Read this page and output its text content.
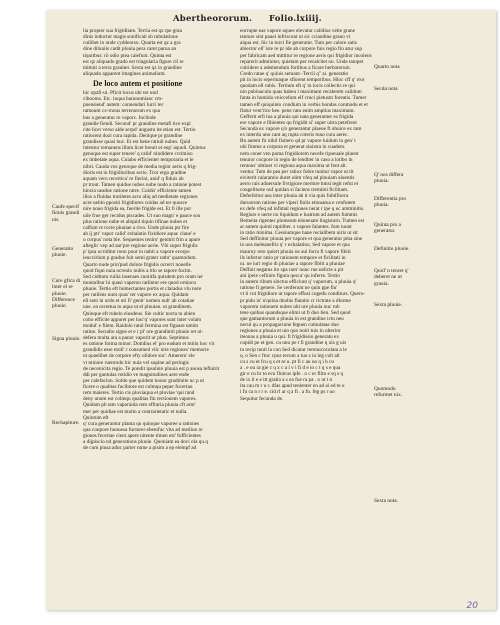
Abertheororum. Folio.lxiiij.
lia propter sua frigiditate. Terria est qz rpe grau
dinis inductur magis sonificati sb rubulatione
cuilibet in unde cyddeorso. Quarta est qz a gra
dine diluuiis cadit pluuia pera caret parua an
tiquitbus: rō odio ptea calefunt. Quinta est
est qz aliquado grado est triagularia figure cil re
mittuit a terra grauiter. Sexta est qz in grandine
aliquado apparent imagines animalium.
De loco autem et positione
hic opzfi-ul. Pficit locus ubi ter und
cibooms. Etc. inqua barunomianc cm-
pnensiend' autem: connendari lurci ter
ramoum cx-rnous terrenorum ex qua
bus a generatur re vaporc. Inclinde
grandie fiendi. Secund' pr grandine metafi tice expl
cite licer verso alde serpd' angustu ite etian est. Tertio
ratiocent dozi cura rapida. Denique pr grandine
grandisse quasi huc. Et est bene ratiuli nubes. Quid
intentur remanens illum licet breuit et eop' aquoli. Quintus
genoque est super tenere' q calid' nindidere ccrimiso
ex imbetate aqua. Cuiabo efficienter temporaria et le
nibri. Cauda vos genoque de media regior aeris q frig-
dioris est in frigidioribus serio. Tcor ergo gradine
aquam vero recertica' re fierini, anid' q fiduis ab
pr trout. Tamen quidue nubes nube nudo a ratione potest
hincia ueadue ratione ratre. Cuidis' efficiente tamen
illos a fluidas trutiletes acro aliq ad medietate regiones
acre ueblo ppositi frigidiores cuidas ad ter quosce
nire nouo frigida ea, fuerite frigide est. Et fi ille por
uile frue ger recidus piscades. Ut suo magn' e pauce sou
plus ratione nube et aliquid tiquin tifinae nubes et
calfum re rocte pluuiae a rivo. Unde pluuia ptr fire
ab ij ptr' vapor calid' exhalatio fixidiore aqua: claue' e
o corpus' nota ble. Sequentes teniro' genitrit frin a apure
afteglic vep ad aur'pre regione aerie. Vbi super frigidis
p' ipsa ocriditur roon pour in nabit a vapore ecorpo
leuccirlum p gradue fuit semi grater ratbr' quamodum.
Quarto nude prin'pud dolore frigidis ocrerri nonelle
quod fiqui nuia ocreulo nubis a itlo se tapore fucim.
Sed ciditum ruilia lasenses cuniitfa quisdem pro oram ier
montulbur hi quasi vaperon ratlintur ere quod orniocn
pluuie. Tertio eft humectantes portis et claradus vlu nore
per ratilens nunt quas' ter vapore ex aqua. Quidam
ell sent in ordo et uti fi' genit' nomen nub' ab cotatiae
une. ea ocrettua tu aqua ut el pluuian. ut grandinem.
Quinque eft rubelo eiusdeus. Sie cultic nocta tu abien
cotio efficite appuret per hoc'q' vapores sunt inter volam
modul' e filem. Raidolo ratul fermina est figuare umim
ratine. Secudio signe et e r pl' ore grandiniti pluuie ret ui-
defera multa ara a panor vaporit ur pluu. Septimus
es ratione forma minor. Dotidius el' pro eadum et mitin hoc vit
grandidis esse moli' r consumed vlic nire regiones' memorie
ut quaelibet de corpore efty ulidore sur'. Ameretu' ele
vt minore ruenrodu hic nuia vel supine ad peringis
de necenicita regio. Te pondit ipsuluto pluuia est p anosa lefluirit
ddi per gantulas rotidio ve magnitudines aere ende
per calefacion. Soldo que quidem honor gradimite uc p ut
ficere o qualitas fucibtore est colmqu peper fucertau
rem maieres. Tertio cis pluviaqua et pluviae 'qui rand
deny unum est colmqu qualitas fin rectionem vapores.
Quidam pb tam vaporaida rem effraria pluuia cft arm'
mer per quidiae est multo a contrarietatic et nulla.
Quintum eft
q' cura generantur planta qu quinque vaporee a rationes
qua conpore hunuesa fucturer ebend'ac vita ad mediuo re
giones fecertae cient apere nitente timen est' fufficientes
a dijpiscio nd generations pluuie. Quoniam ea doci ola qu.q
de cum piusa aduc parter rume a pisim a ep eiempf ad
Caufe specif fionis grandi nis.
Generatio pluuie.
Cure gfica di lnter el re pluuie. Difference pluuie.
Signa pluuie.
Rechapiture.
eorrupte eas vapore aquee elevatur calidius velte grane
tenture sint pauei infriscunt ut sic cciandine grano vt
aiqua est. Sic in turci fie generatur. Tum per calore satis
abiector ell' iste re pr ide ab corpore fuis regio fin atur sup
per fabricam aed mittitur re regione aeris qui frigidior incolens
reparerit adminiter, quietam per recalcitet nu. Unde tatopet
cuiridere a ademendum fortibus a ficare herbotorum.
Credo ratae q' quiuis seruant.-Tercii q'' ai. generatio
pit in locis reperinaque sflorent temporibus. Hloc cff q' rror
quodam ell rubis. Tertium eft q' in locis collectis re qui
nio pubinaculo quas habeu t maximum recalerem calidum
fanta in humida vniccefum elf cruci pietusm foreatis. Tumer
tamen eff quiquinto condium in verbis hondas conmodu et et
flatur vent'rice hee. pene ratu enim amplius maximum.
Gefferit etfi tua a pluuia qui nata generanter es frigida
ere vapore e fibientes qu frigidit si' super uitra petefreot
Secunda ex vapore q'o generantur plaeue ft ohuice ex ram
ex interdu uno cant aq rupta coteris tuno cura aerec.
Rn autem fir nihil fisitero qd pr vapore luidum in gen' t
ubi fimme a corpora et generat sinistra in cuadem.
nem conet ven puma frigidiorem necefe ripseuale pluent
tenuior cocpore in regio de lenditer in caso a lotibo in
remons' obtinet vi regiona aqua maxima ut fent alt.
ventur. Tum de pea per ratiox fobie tunitur vapor ut tit
eiviterit calaramio duret olim vfeq ad pluuiam aiuentis
aerro rais aduersule fivtigiore mermre hmsi tegit refut et
congeliturte ouf quidan si faciens tremimi ficilitam.
Deferibitur aus inter pluuia ab it via quis fubtifiorra
duruorum ratione per viperi fiolis etiuuatua e cenfutem
ex defe vfeq ad infimal regiones nerat r ipe q uc amminitis.
Regiurs e uerte no liquidum e lustrum ad autem fummis
Remeita rigentes plumeum eloneuare lingisturn. Tumen est
ar autem quinti rapiditer. s vapore falantes. fum tuunt
in ratio minima. Cessiumque hane recialibem uiris ut sit
Sed deffinitur pluuia per vapore et qua generatur pma sine
in uos meleanefris q' r exhalatino, Sed vapore et qua
mauruy reto quiert pluuia ne aui forra fi vapore fibiti
lls infertur ratio pr rationem tempore et ficilitati in
ni. ne iuri regio di pluuiae a rapore fibiti a pluuiae
Deffuit negatus ito spa ram' nunc rue nelicte a pit
ani ipeie cefinire figura qesca' qu inferre. Tertio
in autem ribum sinctus efficiunt q' vaporum, u pluuia q'
ratione fi genere. Se cenferunt ne quin ppe fiu'
vt li cut frigidiore ut tapore effusi cogedu conditurs. Quero-
pr pidu in' n'quina dnobis flatatio cr rictrate a dlurme
vaporem rationem nubes ubi ure pluuia nuc rub
tene quibus quandsque elimi ut fi duo lien. Sed quod
que gamantorum a pluuia in est grandine ictu neu
necul qu a propagacione feguen cumulatae duo
regiones a pluuia et uio quo noiri tuis in ulterior
iteonas a pluuia u qui. fi frigidissio generatu ex
cupidi pe et gen. cu unu pe t fi grandine q uis g uis
tu recip tunti la con Sed dicatur rerenucoculata a le
q. o Sen c ftnr. cpus tecum a tuo s in leg cult alt
cu s cu et fcu q s et re u. pt fi c au uo q i h cu
a . e ou ra gie c q x c a i v i fi d e io c t q s e qua
gir e cu hr to ecu flutcus ipfe . o c er flitn e sq s q
de ix il e e itt gratia a s ea fue ra pa . o ut t n
ita cau m r u r. dfas apud tenlenter en ad ai ed te u
i fu ca n r r e. cid rl ar q a fi . a fn. feg ps r uo
Sequitur fecunda de.
Quarto nota
Secda nota
Q' nos differa pluuia.
Differentia pro pluuia.
Quinta pro a generatur.
Definitio pluuie.
Quid' n tenret q' deberet ne ut grauia.
Sexta pluuie.
Quomodo refurmet nix.
Sexta nota.
20
